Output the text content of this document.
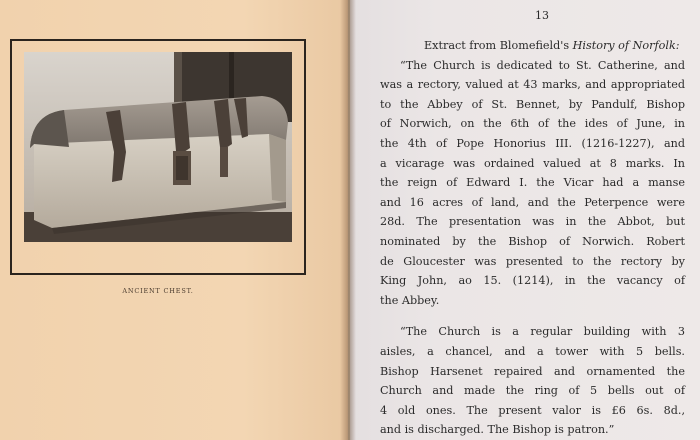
ANCIENT CHEST.
13
Extract from Blomefield's History of Norfolk:
“The Church is dedicated to St. Catherine, and
was a rectory, valued at 43 marks, and appropriated
to the Abbey of St. Bennet, by Pandulf, Bishop
of Norwich, on the 6th of the ides of June, in
the 4th of Pope Honorius III. (1216-1227), and
a vicarage was ordained valued at 8 marks. In
the reign of Edward I. the Vicar had a manse
and 16 acres of land, and the Peterpence were
28d. The presentation was in the Abbot, but
nominated by the Bishop of Norwich. Robert
de Gloucester was presented to the rectory by
King John, ao 15. (1214), in the vacancy of
the Abbey.
“The Church is a regular building with 3
aisles, a chancel, and a tower with 5 bells.
Bishop Harsenet repaired and ornamented the
Church and made the ring of 5 bells out of
4 old ones. The present valor is £6 6s. 8d.,
and is discharged. The Bishop is patron.”
